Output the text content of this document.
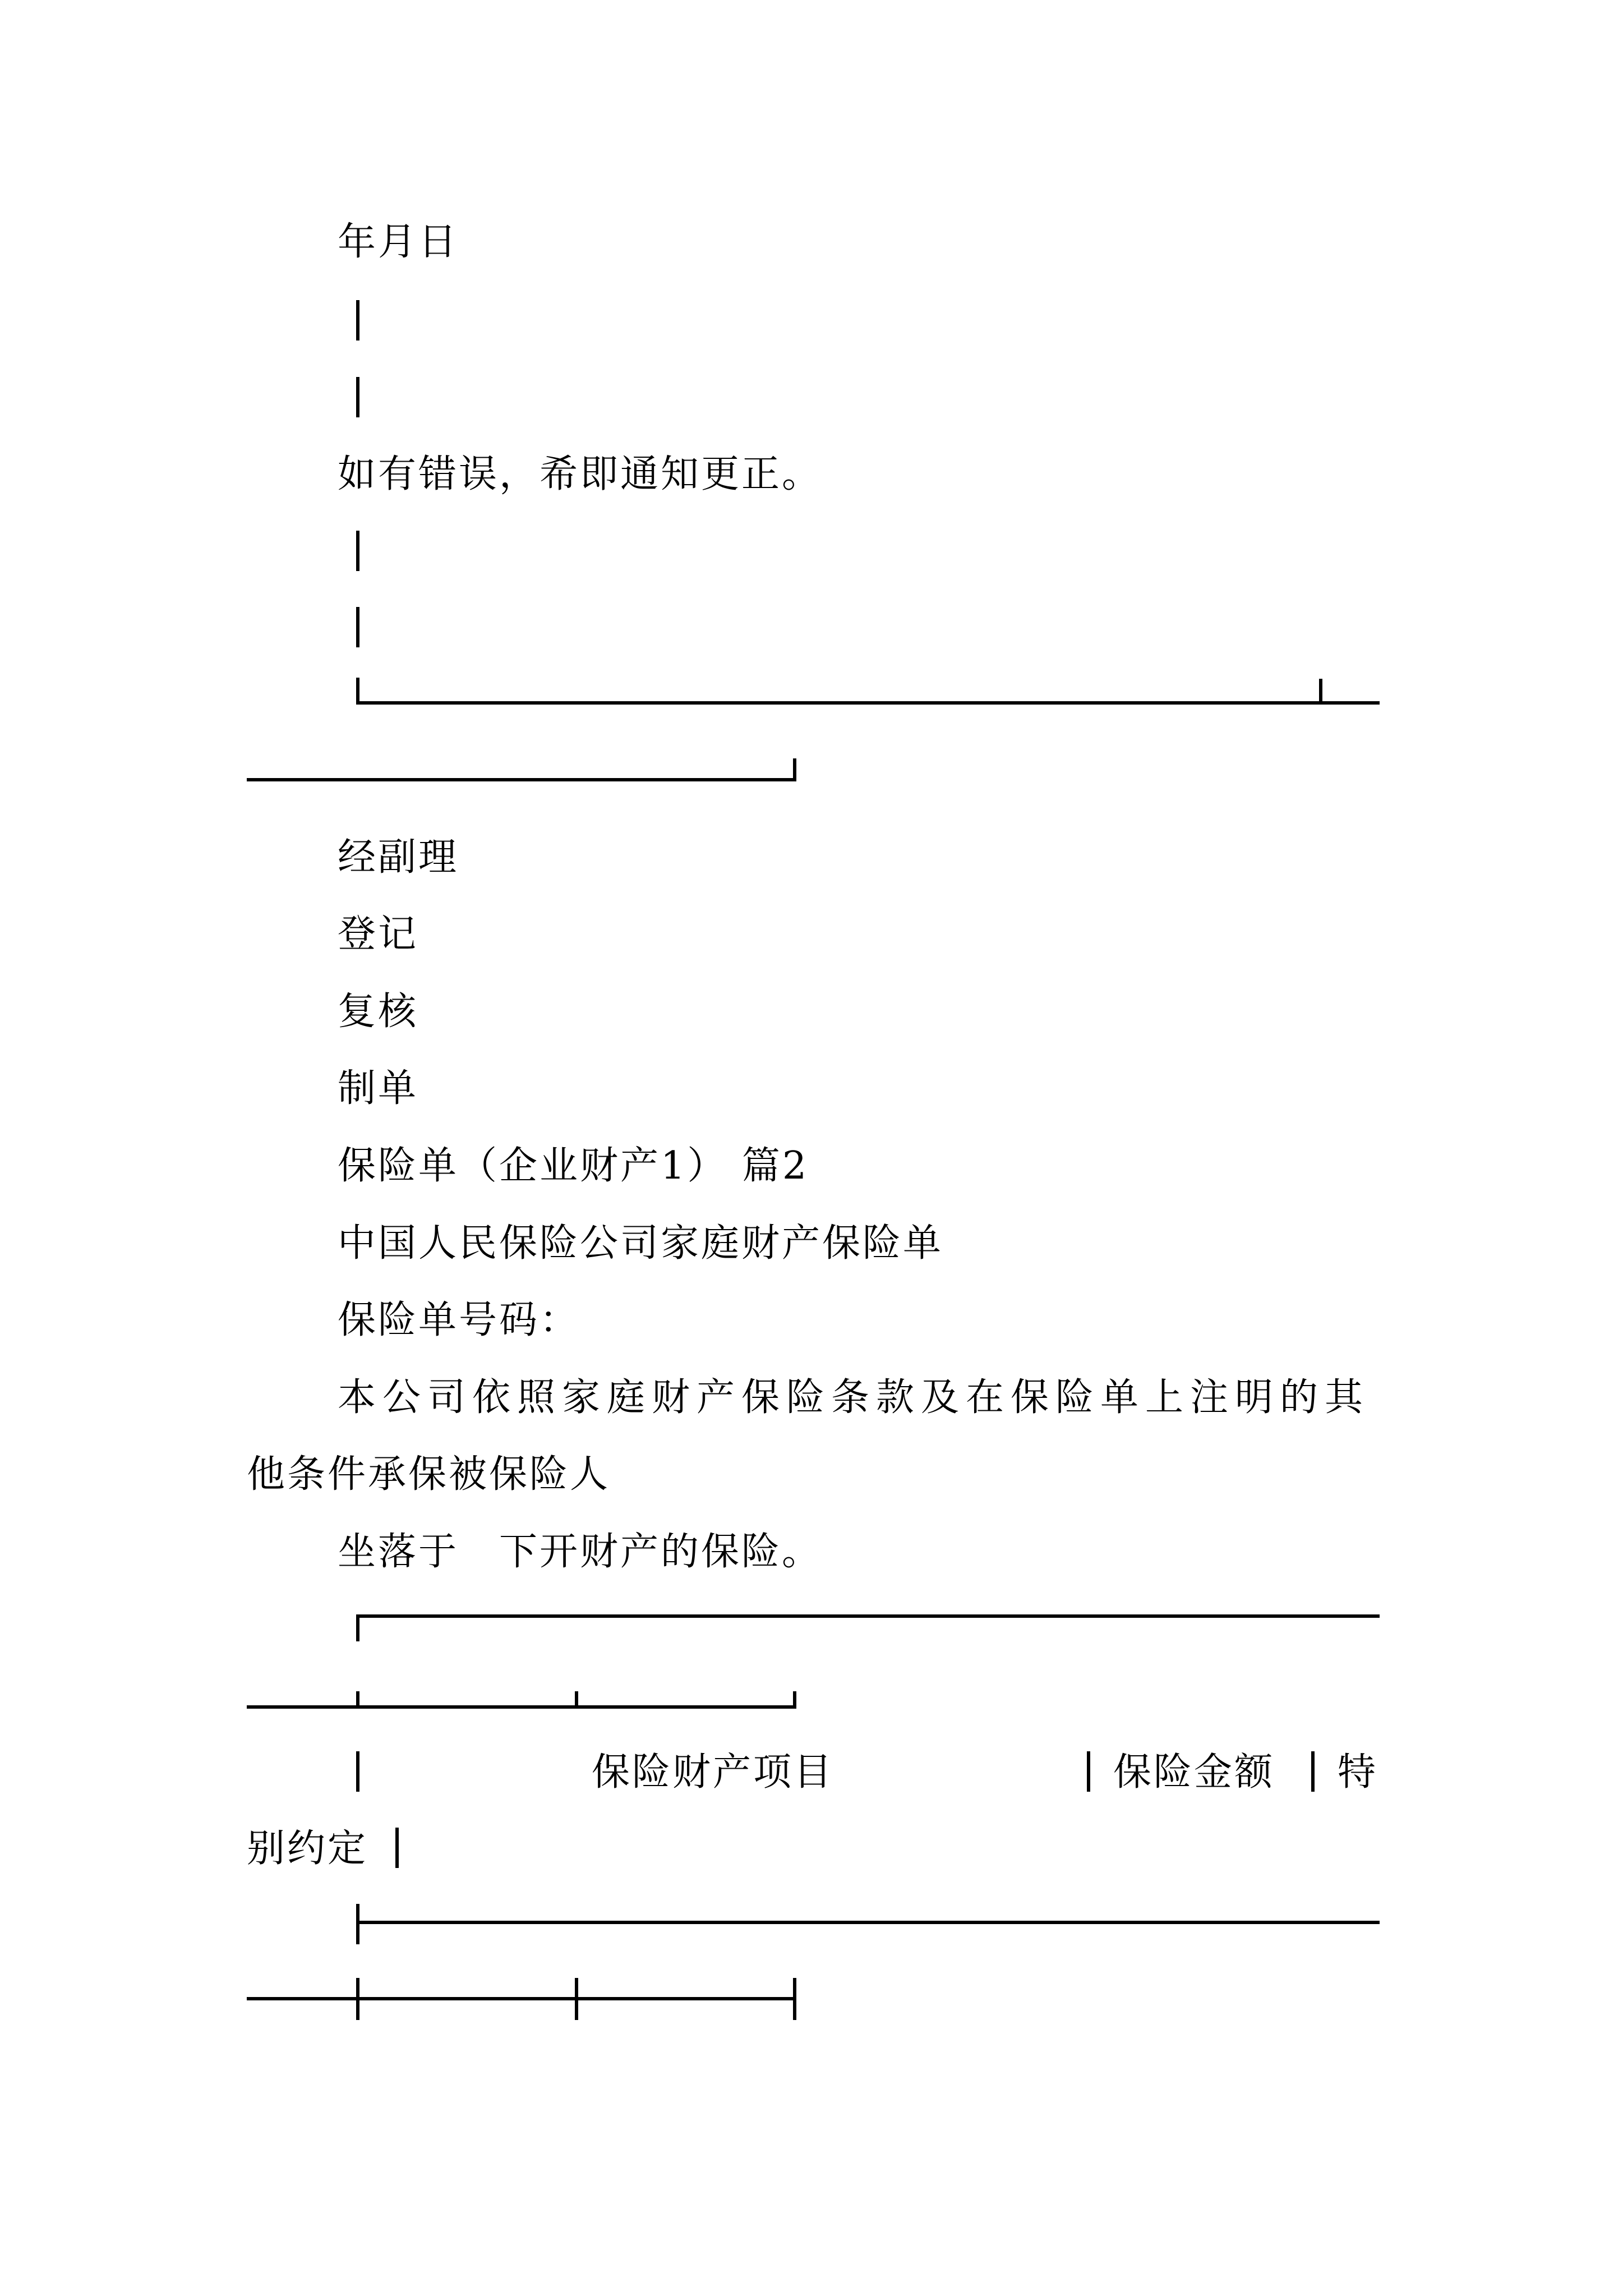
年月日
如有错误，希即通知更正。
经副理
登记
复核
制单
保险单（企业财产1） 篇2
中国人民保险公司家庭财产保险单
保险单号码：
本公司依照家庭财产保险条款及在保险单上注明的其
他条件承保被保险人
坐落于　下开财产的保险。
保险财产项目	保险金额 特
别约定
